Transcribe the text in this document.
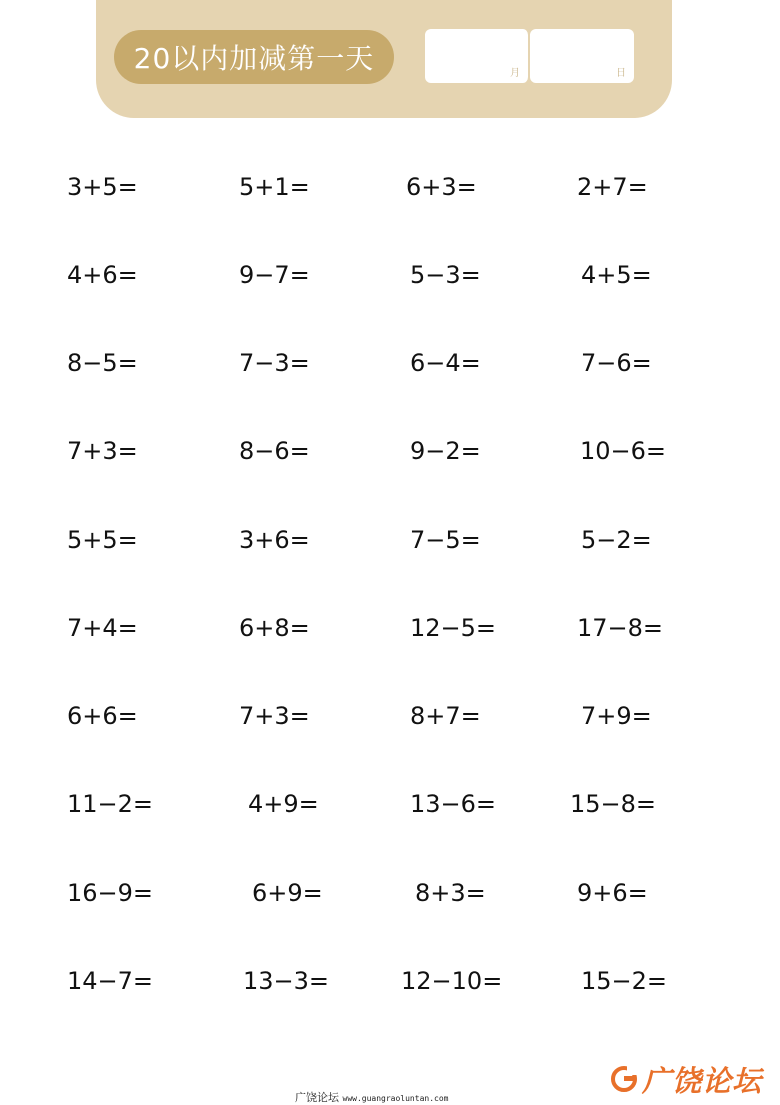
20以内加减第一天	月	日
3+5=	5+1=	6+3=	2+7=
4+6=	9−7=	5−3=	4+5=
8−5=	7−3=	6−4=	7−6=
7+3=	8−6=	9−2=	10−6=
5+5=	3+6=	7−5=	5−2=
7+4=	6+8=	12−5=	17−8=
6+6=	7+3=	8+7=	7+9=
11−2=	4+9=	13−6=	15−8=
16−9=	6+9=	8+3=	9+6=
14−7=	13−3=	12−10=	15−2=
广饶论坛 www.guangraoluntan.com
广饶论坛
